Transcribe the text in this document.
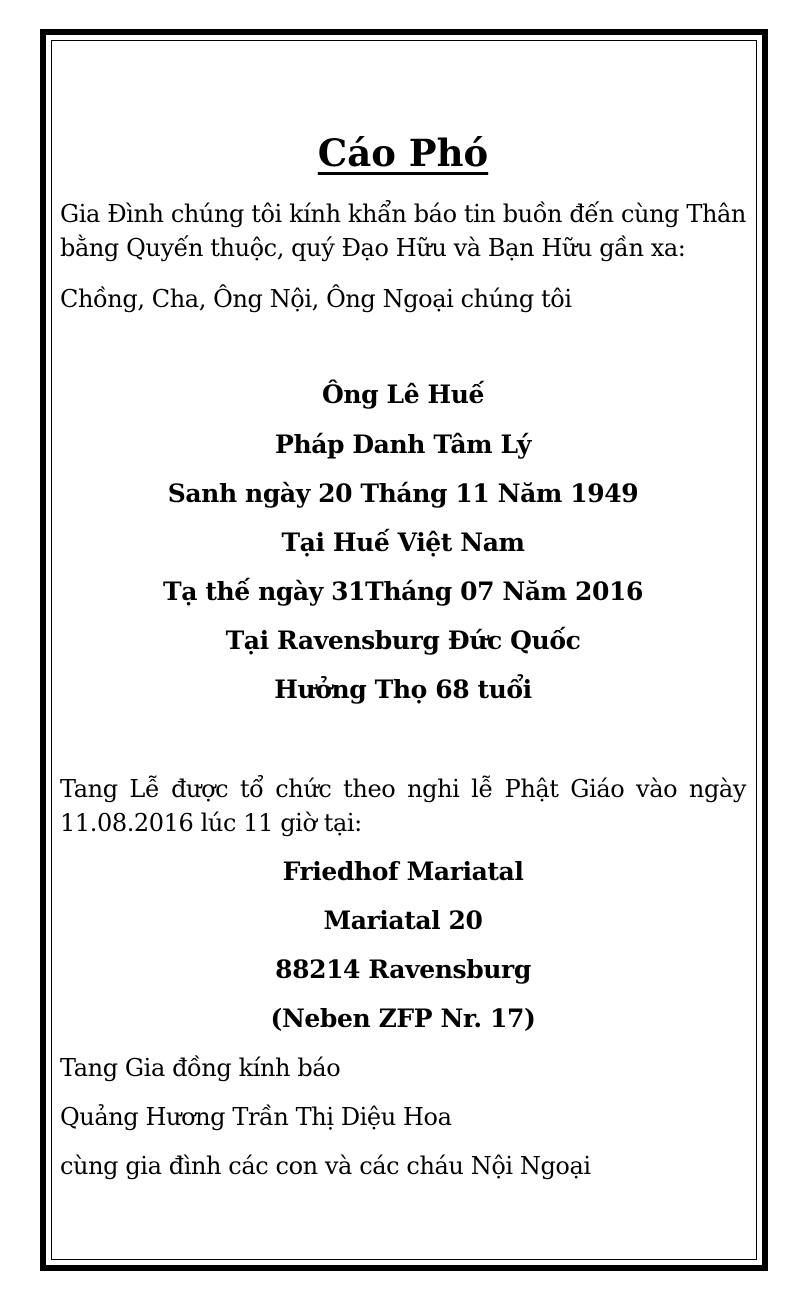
Cáo Phó

Gia Đình chúng tôi kính khẩn báo tin buồn đến cùng Thân bằng Quyến thuộc, quý Đạo Hữu và Bạn Hữu gần xa:

Chồng, Cha, Ông Nội, Ông Ngoại chúng tôi

Ông Lê Huế

Pháp Danh Tâm Lý

Sanh ngày 20 Tháng 11 Năm 1949

Tại Huế Việt Nam

Tạ thế ngày 31Tháng 07 Năm 2016

Tại Ravensburg Đức Quốc

Hưởng Thọ 68 tuổi

Tang Lễ được tổ chức theo nghi lễ Phật Giáo vào ngày 11.08.2016 lúc 11 giờ tại:

Friedhof Mariatal

Mariatal 20

88214 Ravensburg

(Neben ZFP Nr. 17)

Tang Gia đồng kính báo

Quảng Hương Trần Thị Diệu Hoa

cùng gia đình các con và các cháu Nội Ngoại
